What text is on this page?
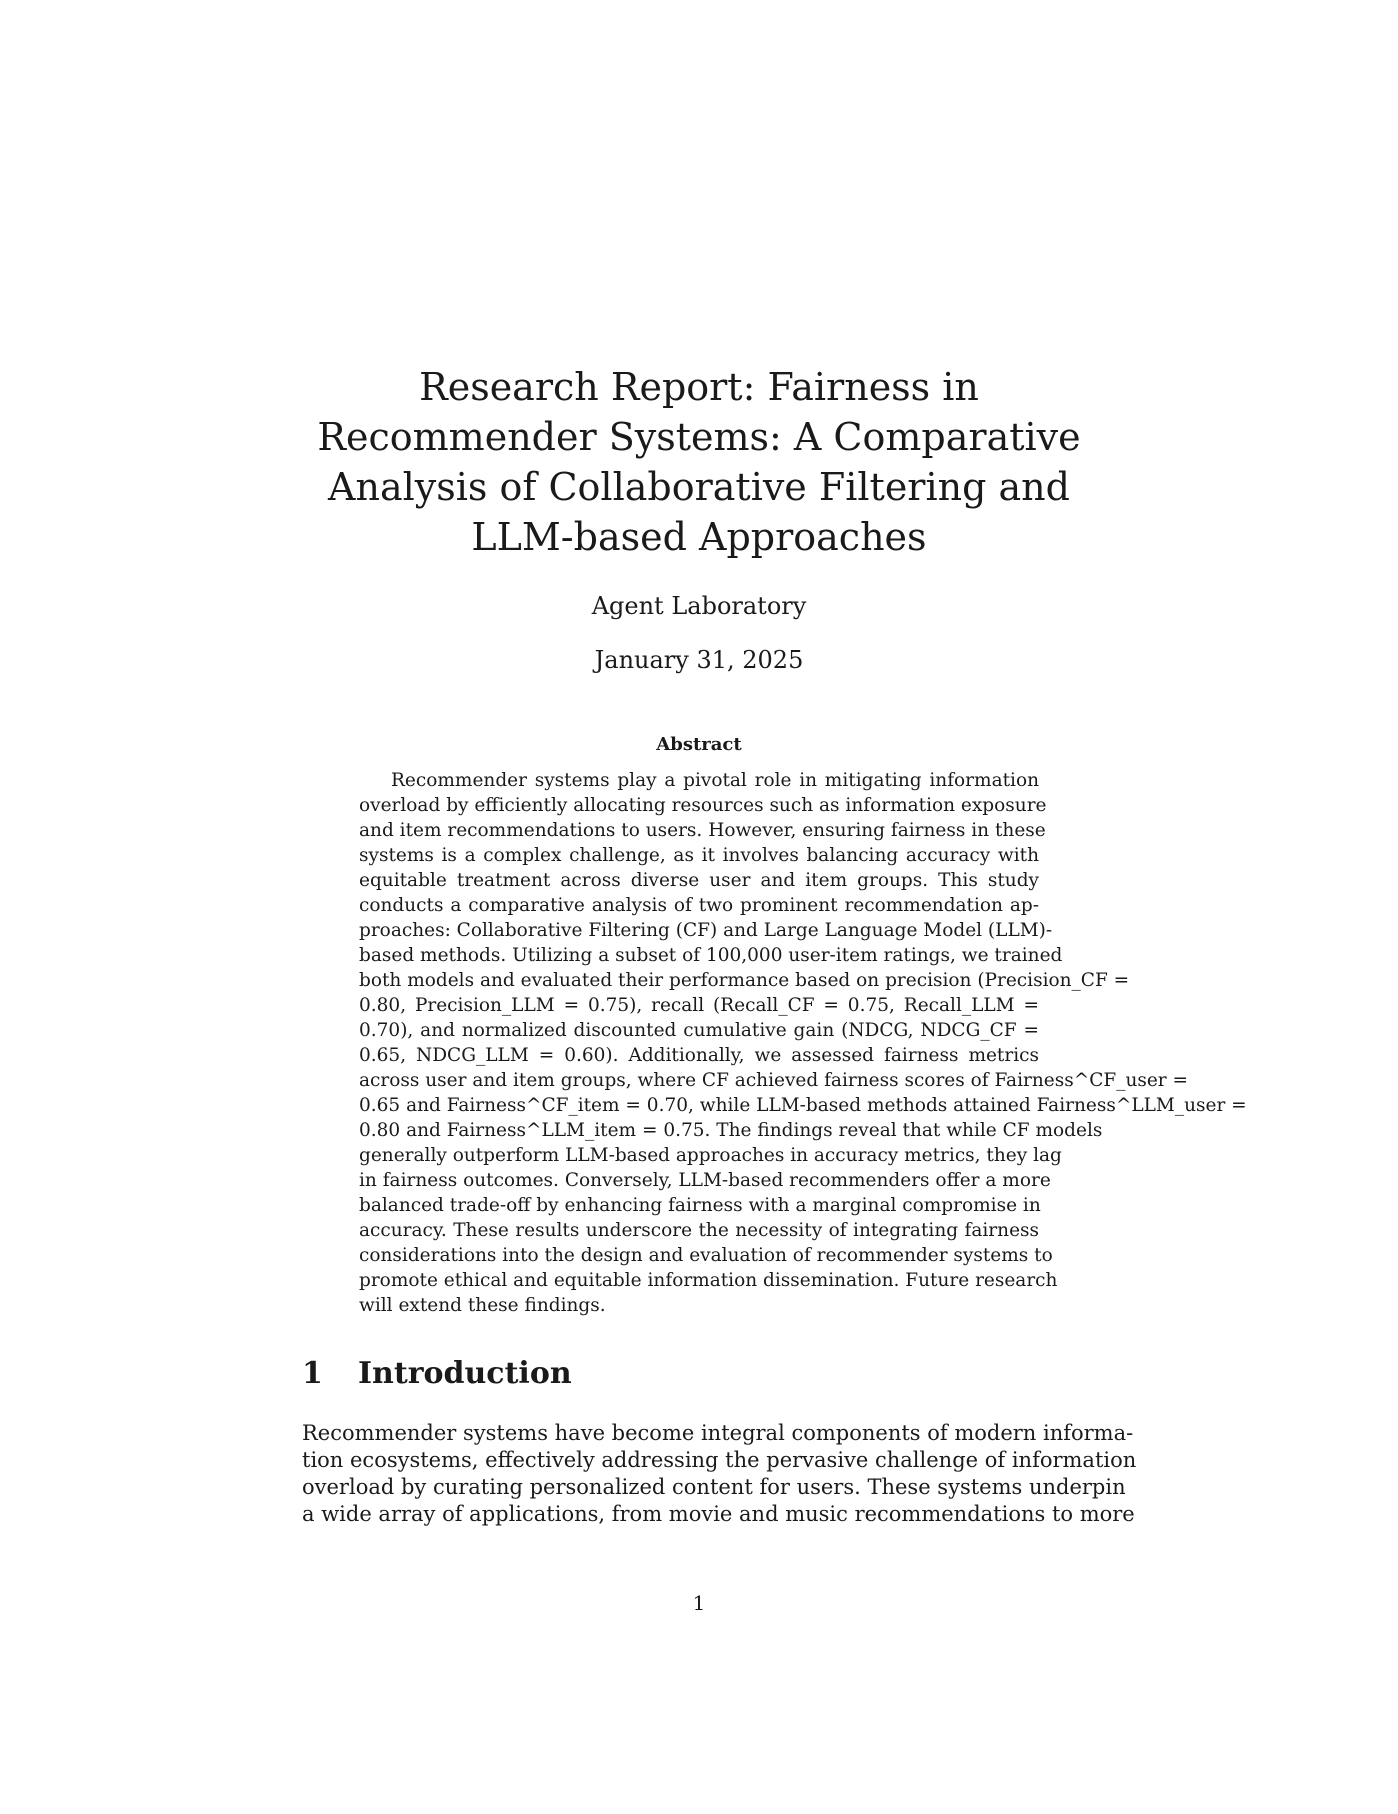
Research Report: Fairness in Recommender Systems: A Comparative Analysis of Collaborative Filtering and LLM-based Approaches
Agent Laboratory
January 31, 2025
Abstract
Recommender systems play a pivotal role in mitigating information
overload by efficiently allocating resources such as information exposure
and item recommendations to users. However, ensuring fairness in these
systems is a complex challenge, as it involves balancing accuracy with
equitable treatment across diverse user and item groups. This study
conducts a comparative analysis of two prominent recommendation ap-
proaches: Collaborative Filtering (CF) and Large Language Model (LLM)-
based methods. Utilizing a subset of 100,000 user-item ratings, we trained
both models and evaluated their performance based on precision (Precision_CF =
0.80, Precision_LLM = 0.75), recall (Recall_CF = 0.75, Recall_LLM =
0.70), and normalized discounted cumulative gain (NDCG, NDCG_CF =
0.65, NDCG_LLM = 0.60). Additionally, we assessed fairness metrics
across user and item groups, where CF achieved fairness scores of Fairness^CF_user =
0.65 and Fairness^CF_item = 0.70, while LLM-based methods attained Fairness^LLM_user =
0.80 and Fairness^LLM_item = 0.75. The findings reveal that while CF models
generally outperform LLM-based approaches in accuracy metrics, they lag
in fairness outcomes. Conversely, LLM-based recommenders offer a more
balanced trade-off by enhancing fairness with a marginal compromise in
accuracy. These results underscore the necessity of integrating fairness
considerations into the design and evaluation of recommender systems to
promote ethical and equitable information dissemination. Future research
will extend these findings.
1 Introduction
Recommender systems have become integral components of modern informa-
tion ecosystems, effectively addressing the pervasive challenge of information
overload by curating personalized content for users. These systems underpin
a wide array of applications, from movie and music recommendations to more
1
